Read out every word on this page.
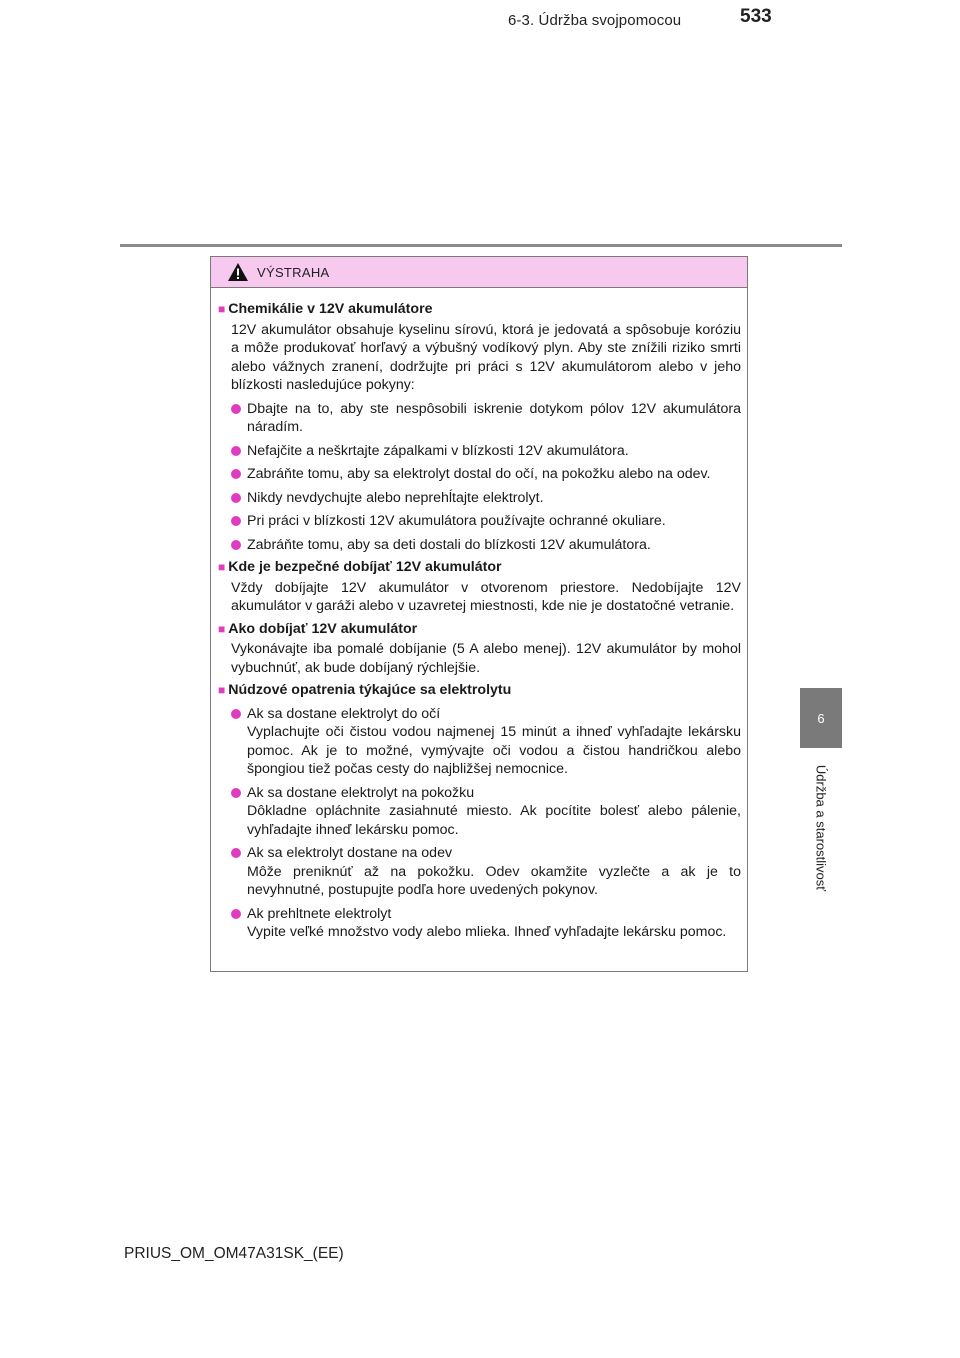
6-3. Údržba svojpomocou	533
6
Údržba a starostlivosť
VÝSTRAHA
■ Chemikálie v 12V akumulátore
12V akumulátor obsahuje kyselinu sírovú, ktorá je jedovatá a spôsobuje koróziu a môže produkovať horľavý a výbušný vodíkový plyn. Aby ste znížili riziko smrti alebo vážnych zranení, dodržujte pri práci s 12V akumulátorom alebo v jeho blízkosti nasledujúce pokyny:
Dbajte na to, aby ste nespôsobili iskrenie dotykom pólov 12V akumulátora náradím.
Nefajčite a neškrtajte zápalkami v blízkosti 12V akumulátora.
Zabráňte tomu, aby sa elektrolyt dostal do očí, na pokožku alebo na odev.
Nikdy nevdychujte alebo neprehĺtajte elektrolyt.
Pri práci v blízkosti 12V akumulátora používajte ochranné okuliare.
Zabráňte tomu, aby sa deti dostali do blízkosti 12V akumulátora.
■ Kde je bezpečné dobíjať 12V akumulátor
Vždy dobíjajte 12V akumulátor v otvorenom priestore. Nedobíjajte 12V akumulátor v garáži alebo v uzavretej miestnosti, kde nie je dostatočné vetranie.
■ Ako dobíjať 12V akumulátor
Vykonávajte iba pomalé dobíjanie (5 A alebo menej). 12V akumulátor by mohol vybuchnúť, ak bude dobíjaný rýchlejšie.
■ Núdzové opatrenia týkajúce sa elektrolytu
Ak sa dostane elektrolyt do očí
Vyplachujte oči čistou vodou najmenej 15 minút a ihneď vyhľadajte lekársku pomoc. Ak je to možné, vymývajte oči vodou a čistou handričkou alebo špongiou tiež počas cesty do najbližšej nemocnice.
Ak sa dostane elektrolyt na pokožku
Dôkladne opláchnite zasiahnuté miesto. Ak pocítite bolesť alebo pálenie, vyhľadajte ihneď lekársku pomoc.
Ak sa elektrolyt dostane na odev
Môže preniknúť až na pokožku. Odev okamžite vyzlečte a ak je to nevyhnutné, postupujte podľa hore uvedených pokynov.
Ak prehltnete elektrolyt
Vypite veľké množstvo vody alebo mlieka. Ihneď vyhľadajte lekársku pomoc.
PRIUS_OM_OM47A31SK_(EE)
